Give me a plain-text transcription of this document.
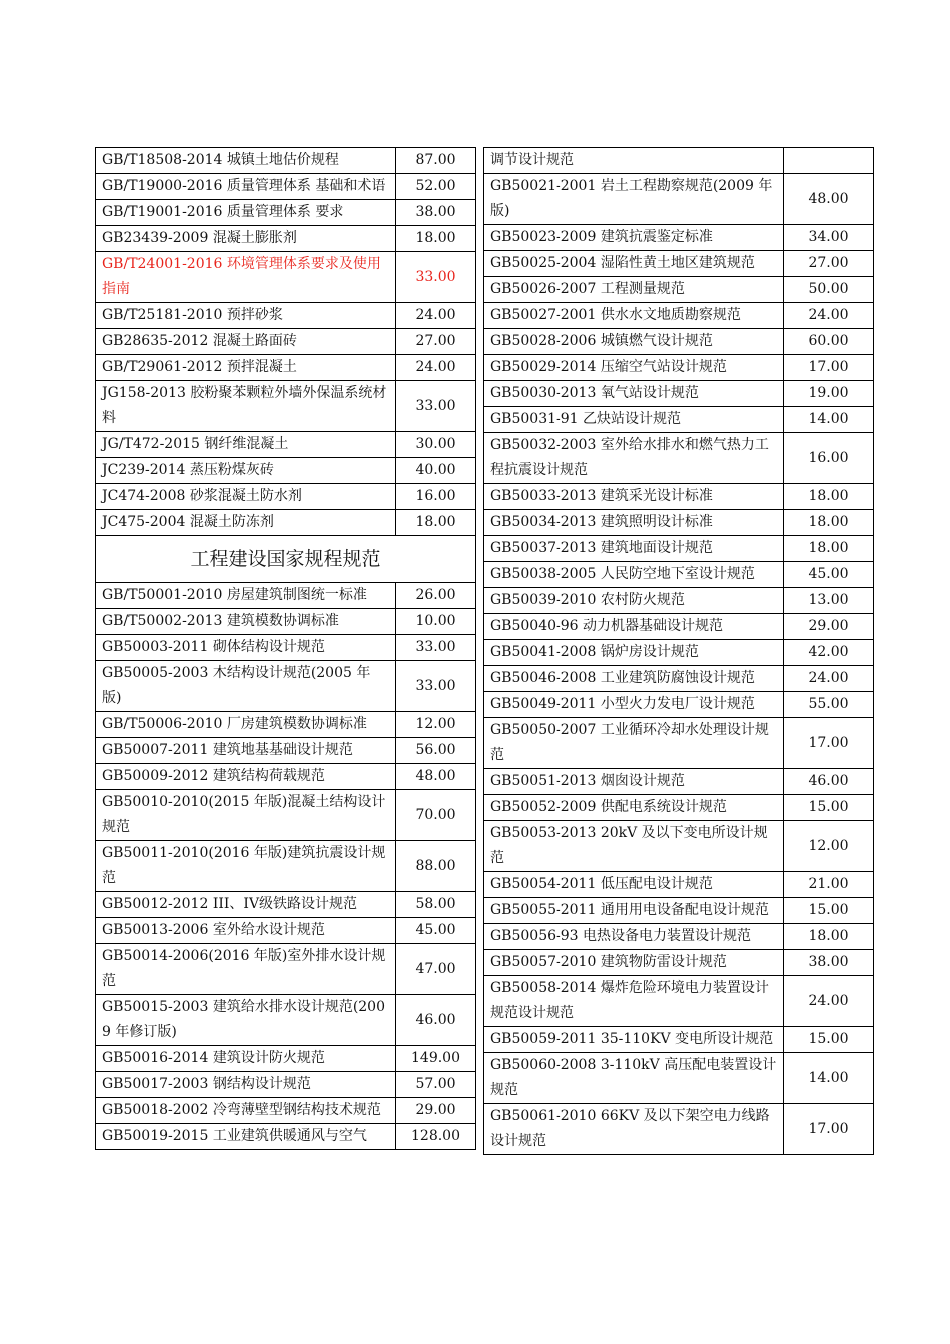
GB/T18508-2014 城镇土地估价规程	87.00
GB/T19000-2016 质量管理体系 基础和术语	52.00
GB/T19001-2016 质量管理体系 要求	38.00
GB23439-2009 混凝土膨胀剂	18.00
GB/T24001-2016 环境管理体系要求及使用指南	33.00
GB/T25181-2010 预拌砂浆	24.00
GB28635-2012 混凝土路面砖	27.00
GB/T29061-2012 预拌混凝土	24.00
JG158-2013 胶粉聚苯颗粒外墙外保温系统材料	33.00
JG/T472-2015 钢纤维混凝土	30.00
JC239-2014 蒸压粉煤灰砖	40.00
JC474-2008 砂浆混凝土防水剂	16.00
JC475-2004 混凝土防冻剂	18.00
工程建设国家规程规范	
GB/T50001-2010 房屋建筑制图统一标准	26.00
GB/T50002-2013 建筑模数协调标准	10.00
GB50003-2011 砌体结构设计规范	33.00
GB50005-2003 木结构设计规范(2005 年版)	33.00
GB/T50006-2010 厂房建筑模数协调标准	12.00
GB50007-2011 建筑地基基础设计规范	56.00
GB50009-2012 建筑结构荷载规范	48.00
GB50010-2010(2015 年版)混凝土结构设计规范	70.00
GB50011-2010(2016 年版)建筑抗震设计规范	88.00
GB50012-2012 III、IV级铁路设计规范	58.00
GB50013-2006 室外给水设计规范	45.00
GB50014-2006(2016 年版)室外排水设计规范	47.00
GB50015-2003 建筑给水排水设计规范(2009 年修订版)	46.00
GB50016-2014 建筑设计防火规范	149.00
GB50017-2003 钢结构设计规范	57.00
GB50018-2002 冷弯薄壁型钢结构技术规范	29.00
GB50019-2015 工业建筑供暖通风与空气	128.00
调节设计规范	
GB50021-2001 岩土工程勘察规范(2009 年版)	48.00
GB50023-2009 建筑抗震鉴定标准	34.00
GB50025-2004 湿陷性黄土地区建筑规范	27.00
GB50026-2007 工程测量规范	50.00
GB50027-2001 供水水文地质勘察规范	24.00
GB50028-2006 城镇燃气设计规范	60.00
GB50029-2014 压缩空气站设计规范	17.00
GB50030-2013 氧气站设计规范	19.00
GB50031-91 乙炔站设计规范	14.00
GB50032-2003 室外给水排水和燃气热力工程抗震设计规范	16.00
GB50033-2013 建筑采光设计标准	18.00
GB50034-2013 建筑照明设计标准	18.00
GB50037-2013 建筑地面设计规范	18.00
GB50038-2005 人民防空地下室设计规范	45.00
GB50039-2010 农村防火规范	13.00
GB50040-96 动力机器基础设计规范	29.00
GB50041-2008 锅炉房设计规范	42.00
GB50046-2008 工业建筑防腐蚀设计规范	24.00
GB50049-2011 小型火力发电厂设计规范	55.00
GB50050-2007 工业循环冷却水处理设计规范	17.00
GB50051-2013 烟囱设计规范	46.00
GB50052-2009 供配电系统设计规范	15.00
GB50053-2013 20kV 及以下变电所设计规范	12.00
GB50054-2011 低压配电设计规范	21.00
GB50055-2011 通用用电设备配电设计规范	15.00
GB50056-93 电热设备电力装置设计规范	18.00
GB50057-2010 建筑物防雷设计规范	38.00
GB50058-2014 爆炸危险环境电力装置设计规范设计规范	24.00
GB50059-2011 35-110KV 变电所设计规范	15.00
GB50060-2008 3-110kV 高压配电装置设计规范	14.00
GB50061-2010 66KV 及以下架空电力线路设计规范	17.00
